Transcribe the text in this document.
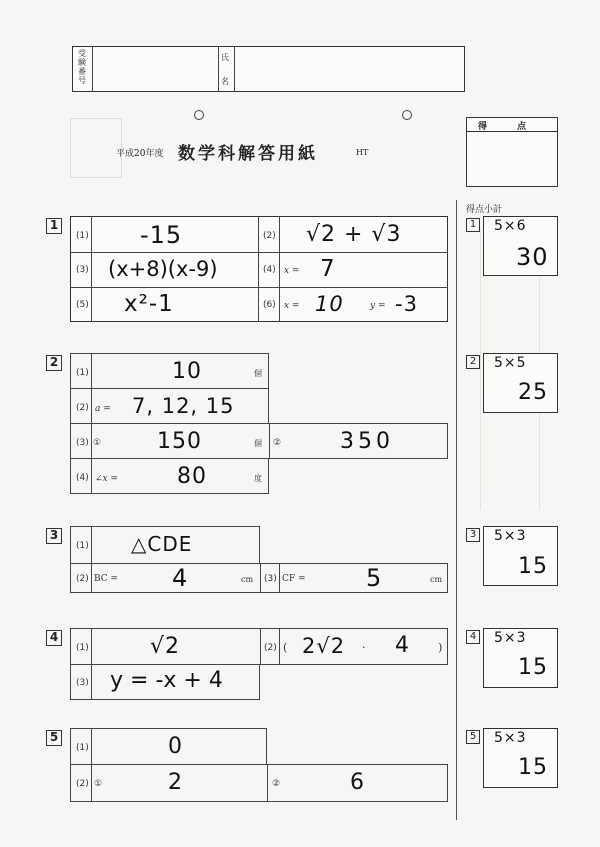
受験番号
氏
名
平成20年度 数学科解答用紙	HT
得　　点
得点小計
1
(1) -15	(2) √2 + √3
(3) (x+8)(x-9)	(4) x = 7
(5) x²-1	(6) x = 10	y = -3
2
(1)	10	個
(2) a = 7, 12, 15
(3) ①	150	個 ②	350
(4) ∠x =	80	度
3
(1) △CDE
(2) BC = 4	cm (3) CF =	5	cm
4
(1)	√2	(2) ( 2√2 · 4	)
(3) y = -x + 4
5
(1)	0
(2) ①	2	②	6
1 5×6
30
2 5×5
25
3 5×3
15
4 5×3
15
5 5×3
15
